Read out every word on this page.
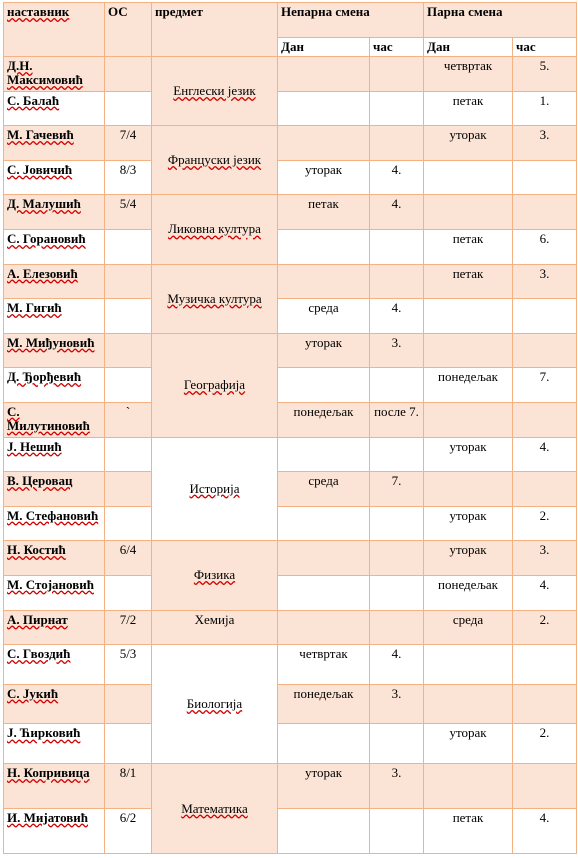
наставник	ОС	предмет	Непарна смена		Парна смена	
			Дан	час	Дан	час
Д.Н. Максимовић		Енглески језик			четвртак	5.
С. Балаћ					петак	1.
М. Гачевић	7/4	Француски језик			уторак	3.
С. Јовичић	8/3		уторак	4.		
Д. Малушић	5/4	Ликовна култура	петак	4.		
С. Горановић					петак	6.
А. Елезовић		Музичка култура			петак	3.
М. Гигић			среда	4.		
М. Миђуновић		Географија	уторак	3.		
Д. Ђорђевић					понедељак	7.
С. Милутиновић	`		понедељак	после 7.		
Ј. Нешић		Историја			уторак	4.
В. Церовац			среда	7.		
М. Стефановић					уторак	2.
Н. Костић	6/4	Физика			уторак	3.
М. Стојановић					понедељак	4.
А. Пирнат	7/2	Хемија			среда	2.
С. Гвоздић	5/3	Биологија	четвртак	4.		
С. Јукић			понедељак	3.		
Ј. Ћирковић					уторак	2.
Н. Копривица	8/1	Математика	уторак	3.		
И. Мијатовић	6/2				петак	4.
